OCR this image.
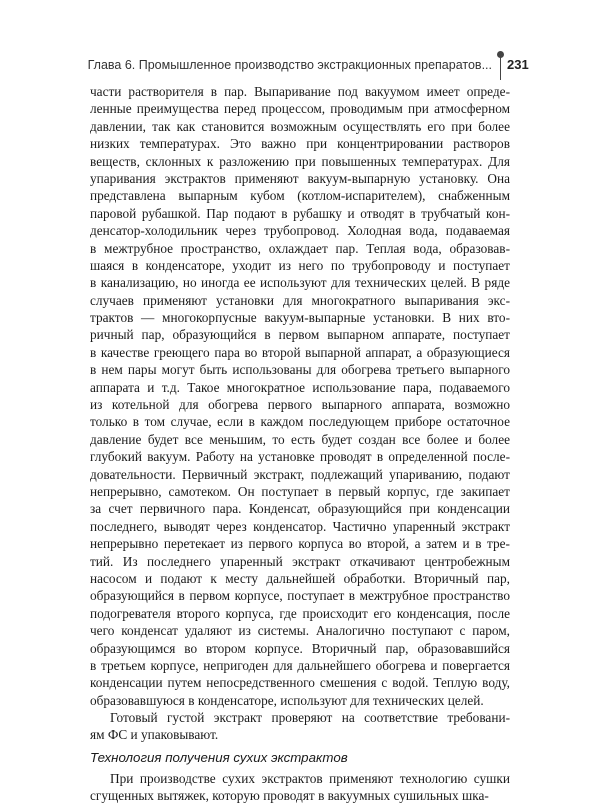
Глава 6. Промышленное производство экстракционных препаратов... 231
части растворителя в пар. Выпаривание под вакуумом имеет опреде-
ленные преимущества перед процессом, проводимым при атмосферном
давлении, так как становится возможным осуществлять его при более
низких температурах. Это важно при концентрировании растворов
веществ, склонных к разложению при повышенных температурах. Для
упаривания экстрактов применяют вакуум-выпарную установку. Она
представлена выпарным кубом (котлом-испарителем), снабженным
паровой рубашкой. Пар подают в рубашку и отводят в трубчатый кон-
денсатор-холодильник через трубопровод. Холодная вода, подаваемая
в межтрубное пространство, охлаждает пар. Теплая вода, образовав-
шаяся в конденсаторе, уходит из него по трубопроводу и поступает
в канализацию, но иногда ее используют для технических целей. В ряде
случаев применяют установки для многократного выпаривания экс-
трактов — многокорпусные вакуум-выпарные установки. В них вто-
ричный пар, образующийся в первом выпарном аппарате, поступает
в качестве греющего пара во второй выпарной аппарат, а образующиеся
в нем пары могут быть использованы для обогрева третьего выпарного
аппарата и т.д. Такое многократное использование пара, подаваемого
из котельной для обогрева первого выпарного аппарата, возможно
только в том случае, если в каждом последующем приборе остаточное
давление будет все меньшим, то есть будет создан все более и более
глубокий вакуум. Работу на установке проводят в определенной после-
довательности. Первичный экстракт, подлежащий упариванию, подают
непрерывно, самотеком. Он поступает в первый корпус, где закипает
за счет первичного пара. Конденсат, образующийся при конденсации
последнего, выводят через конденсатор. Частично упаренный экстракт
непрерывно перетекает из первого корпуса во второй, а затем и в тре-
тий. Из последнего упаренный экстракт откачивают центробежным
насосом и подают к месту дальнейшей обработки. Вторичный пар,
образующийся в первом корпусе, поступает в межтрубное пространство
подогревателя второго корпуса, где происходит его конденсация, после
чего конденсат удаляют из системы. Аналогично поступают с паром,
образующимся во втором корпусе. Вторичный пар, образовавшийся
в третьем корпусе, непригоден для дальнейшего обогрева и повергается
конденсации путем непосредственного смешения с водой. Теплую воду,
образовавшуюся в конденсаторе, используют для технических целей.
Готовый густой экстракт проверяют на соответствие требовани-
ям ФС и упаковывают.
Технология получения сухих экстрактов
При производстве сухих экстрактов применяют технологию сушки
сгущенных вытяжек, которую проводят в вакуумных сушильных шка-
